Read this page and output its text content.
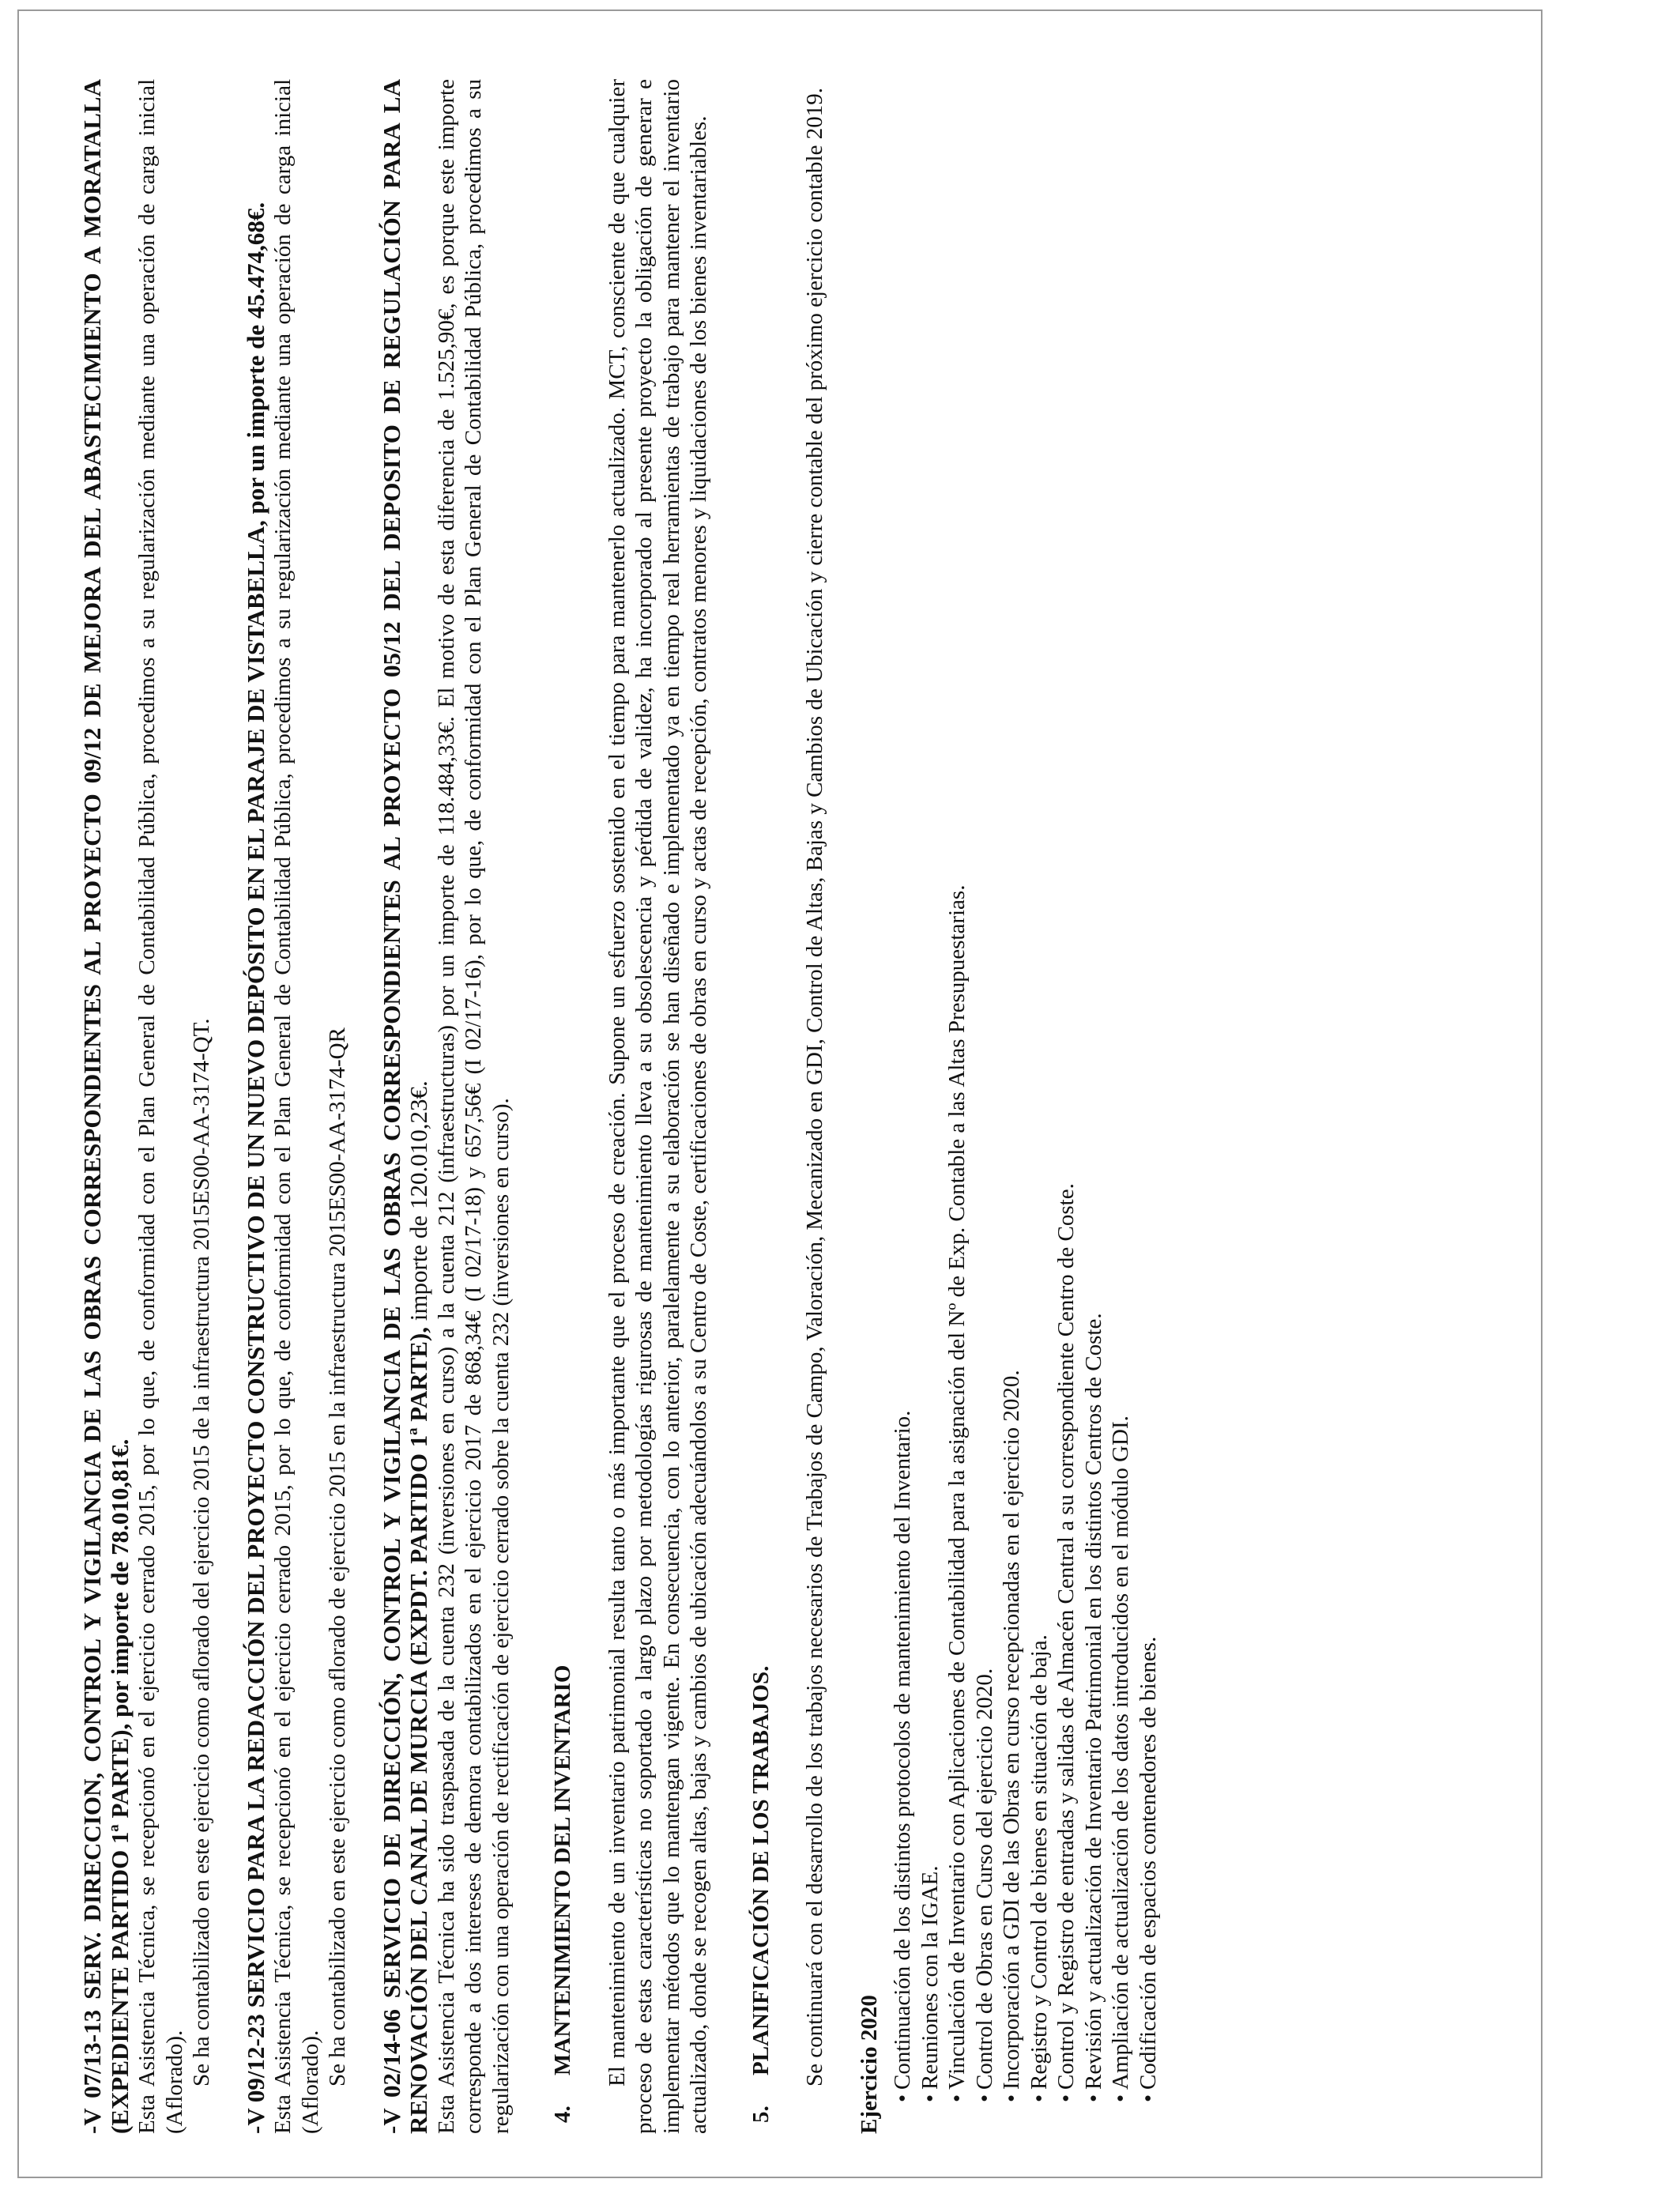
-V 07/13-13 SERV. DIRECCION, CONTROL Y VIGILANCIA DE LAS OBRAS CORRESPONDIENTES AL PROYECTO 09/12 DE MEJORA DEL ABASTECIMIENTO A MORATALLA (EXPEDIENTE PARTIDO 1ª PARTE), por importe de 78.010,81€. Esta Asistencia Técnica, se recepcionó en el ejercicio cerrado 2015, por lo que, de conformidad con el Plan General de Contabilidad Pública, procedimos a su regularización mediante una operación de carga inicial (Aflorado). Se ha contabilizado en este ejercicio como aflorado del ejercicio 2015 de la infraestructura 2015ES00-AA-3174-QT. -V 09/12-23 SERVICIO PARA LA REDACCIÓN DEL PROYECTO CONSTRUCTIVO DE UN NUEVO DEPÓSITO EN EL PARAJE DE VISTABELLA, por un importe de 45.474,68€. Esta Asistencia Técnica, se recepcionó en el ejercicio cerrado 2015, por lo que, de conformidad con el Plan General de Contabilidad Pública, procedimos a su regularización mediante una operación de carga inicial (Aflorado). Se ha contabilizado en este ejercicio como aflorado de ejercicio 2015 en la infraestructura 2015ES00-AA-3174-QR -V 02/14-06 SERVICIO DE DIRECCIÓN, CONTROL Y VIGILANCIA DE LAS OBRAS CORRESPONDIENTES AL PROYECTO 05/12 DEL DEPOSITO DE REGULACIÓN PARA LA RENOVACIÓN DEL CANAL DE MURCIA (EXPDT. PARTIDO 1ª PARTE), importe de 120.010,23€. Esta Asistencia Técnica ha sido traspasada de la cuenta 232 (inversiones en curso) a la cuenta 212 (infraestructuras) por un importe de 118.484,33€. El motivo de esta diferencia de 1.525,90€, es porque este importe corresponde a dos intereses de demora contabilizados en el ejercicio 2017 de 868,34€ (I 02/17-18) y 657,56€ (I 02/17-16), por lo que, de conformidad con el Plan General de Contabilidad Pública, procedimos a su regularización con una operación de rectificación de ejercicio cerrado sobre la cuenta 232 (inversiones en curso). 4.MANTENIMIENTO DEL INVENTARIO El mantenimiento de un inventario patrimonial resulta tanto o más importante que el proceso de creación. Supone un esfuerzo sostenido en el tiempo para mantenerlo actualizado. MCT, consciente de que cualquier proceso de estas características no soportado a largo plazo por metodologías rigurosas de mantenimiento lleva a su obsolescencia y pérdida de validez, ha incorporado al presente proyecto la obligación de generar e implementar métodos que lo mantengan vigente. En consecuencia, con lo anterior, paralelamente a su elaboración se han diseñado e implementado ya en tiempo real herramientas de trabajo para mantener el inventario actualizado, donde se recogen altas, bajas y cambios de ubicación adecuándolos a su Centro de Coste, certificaciones de obras en curso y actas de recepción, contratos menores y liquidaciones de los bienes inventariables. 5.PLANIFICACIÓN DE LOS TRABAJOS. Se continuará con el desarrollo de los trabajos necesarios de Trabajos de Campo, Valoración, Mecanizado en GDI, Control de Altas, Bajas y Cambios de Ubicación y cierre contable del próximo ejercicio contable 2019. Ejercicio 2020 •Continuación de los distintos protocolos de mantenimiento del Inventario.
•Reuniones con la IGAE.
•Vinculación de Inventario con Aplicaciones de Contabilidad para la asignación del Nº de Exp. Contable a las Altas Presupuestarias.
•Control de Obras en Curso del ejercicio 2020.
•Incorporación a GDI de las Obras en curso recepcionadas en el ejercicio 2020.
•Registro y Control de bienes en situación de baja.
•Control y Registro de entradas y salidas de Almacén Central a su correspondiente Centro de Coste.
•Revisión y actualización de Inventario Patrimonial en los distintos Centros de Coste.
•Ampliación de actualización de los datos introducidos en el módulo GDI.
•Codificación de espacios contenedores de bienes.
